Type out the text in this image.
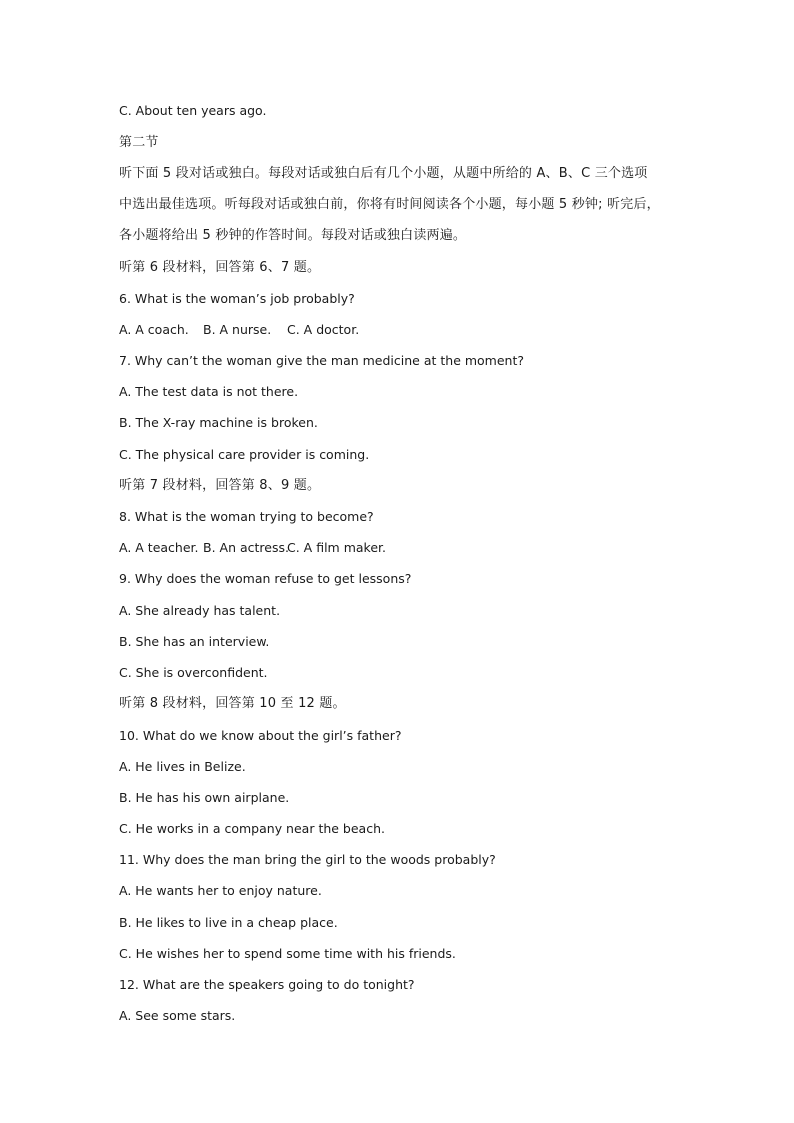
C. About ten years ago.

第二节

听下面 5 段对话或独白。每段对话或独白后有几个小题，从题中所给的 A、B、C 三个选项
中选出最佳选项。听每段对话或独白前，你将有时间阅读各个小题，每小题 5 秒钟; 听完后，
各小题将给出 5 秒钟的作答时间。每段对话或独白读两遍。

听第 6 段材料，回答第 6、7 题。

6. What is the woman’s job probably?

A. A coach. B. A nurse. C. A doctor.

7. Why can’t the woman give the man medicine at the moment?

A. The test data is not there.

B. The X-ray machine is broken.

C. The physical care provider is coming.

听第 7 段材料，回答第 8、9 题。

8. What is the woman trying to become?

A. A teacher. B. An actress.C. A film maker.

9. Why does the woman refuse to get lessons?

A. She already has talent.

B. She has an interview.

C. She is overconfident.

听第 8 段材料，回答第 10 至 12 题。

10. What do we know about the girl’s father?

A. He lives in Belize.

B. He has his own airplane.

C. He works in a company near the beach.

11. Why does the man bring the girl to the woods probably?

A. He wants her to enjoy nature.

B. He likes to live in a cheap place.

C. He wishes her to spend some time with his friends.

12. What are the speakers going to do tonight?

A. See some stars.
